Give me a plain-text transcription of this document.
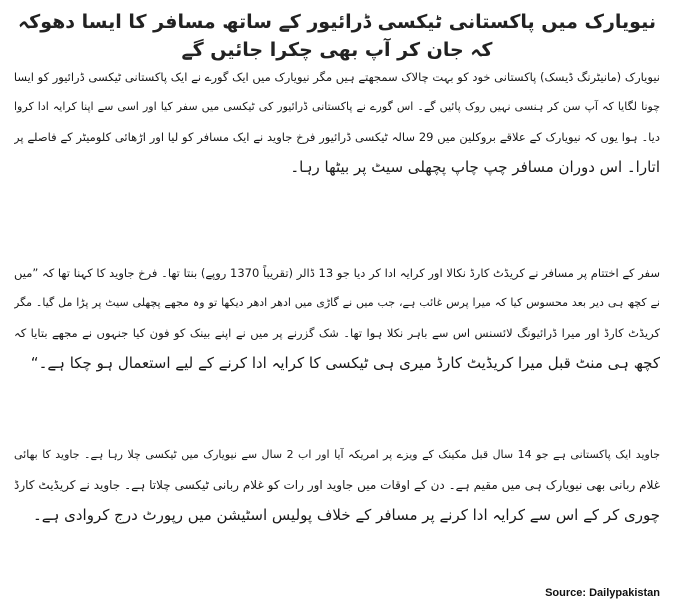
نیویارک میں پاکستانی ٹیکسی ڈرائیور کے ساتھ مسافر کا ایسا دھوکہ کہ جان کر آپ بھی چکرا جائیں گے
نیویارک (مانیٹرنگ ڈیسک) پاکستانی خود کو بہت چالاک سمجھتے ہیں مگر نیویارک میں ایک گورے نے ایک پاکستانی ٹیکسی ڈرائیور کو ایسا
چونا لگایا کہ آپ سن کر ہنسی نہیں روک پائیں گے۔ اس گورے نے پاکستانی ڈرائیور کی ٹیکسی میں سفر کیا اور اسی سے اپنا کرایہ ادا کروا
دیا۔ ہوا یوں کہ نیویارک کے علاقے بروکلین میں 29 سالہ ٹیکسی ڈرائیور فرخ جاوید نے ایک مسافر کو لیا اور اڑھائی کلومیٹر کے فاصلے پر
اتارا۔ اس دوران مسافر چپ چاپ پچھلی سیٹ پر بیٹھا رہا۔
سفر کے اختتام پر مسافر نے کریڈٹ کارڈ نکالا اور کرایہ ادا کر دیا جو 13 ڈالر (تقریباً 1370 روپے) بنتا تھا۔ فرخ جاوید کا کہنا تھا کہ ”میں
نے کچھ ہی دیر بعد محسوس کیا کہ میرا پرس غائب ہے، جب میں نے گاڑی میں ادھر ادھر دیکھا تو وہ مجھے پچھلی سیٹ پر پڑا مل گیا۔ مگر
کریڈٹ کارڈ اور میرا ڈرائیونگ لائسنس اس سے باہر نکلا ہوا تھا۔ شک گزرنے پر میں نے اپنے بینک کو فون کیا جنہوں نے مجھے بتایا کہ
کچھ ہی منٹ قبل میرا کریڈیٹ کارڈ میری ہی ٹیکسی کا کرایہ ادا کرنے کے لیے استعمال ہو چکا ہے۔“
جاوید ایک پاکستانی ہے جو 14 سال قبل مکینک کے ویزے پر امریکہ آیا اور اب 2 سال سے نیویارک میں ٹیکسی چلا رہا ہے۔ جاوید کا بھائی
غلام ربانی بھی نیویارک ہی میں مقیم ہے۔ دن کے اوقات میں جاوید اور رات کو غلام ربانی ٹیکسی چلاتا ہے۔ جاوید نے کریڈیٹ کارڈ
چوری کر کے اس سے کرایہ ادا کرنے پر مسافر کے خلاف پولیس اسٹیشن میں رپورٹ درج کروادی ہے۔
Source: Dailypakistan
